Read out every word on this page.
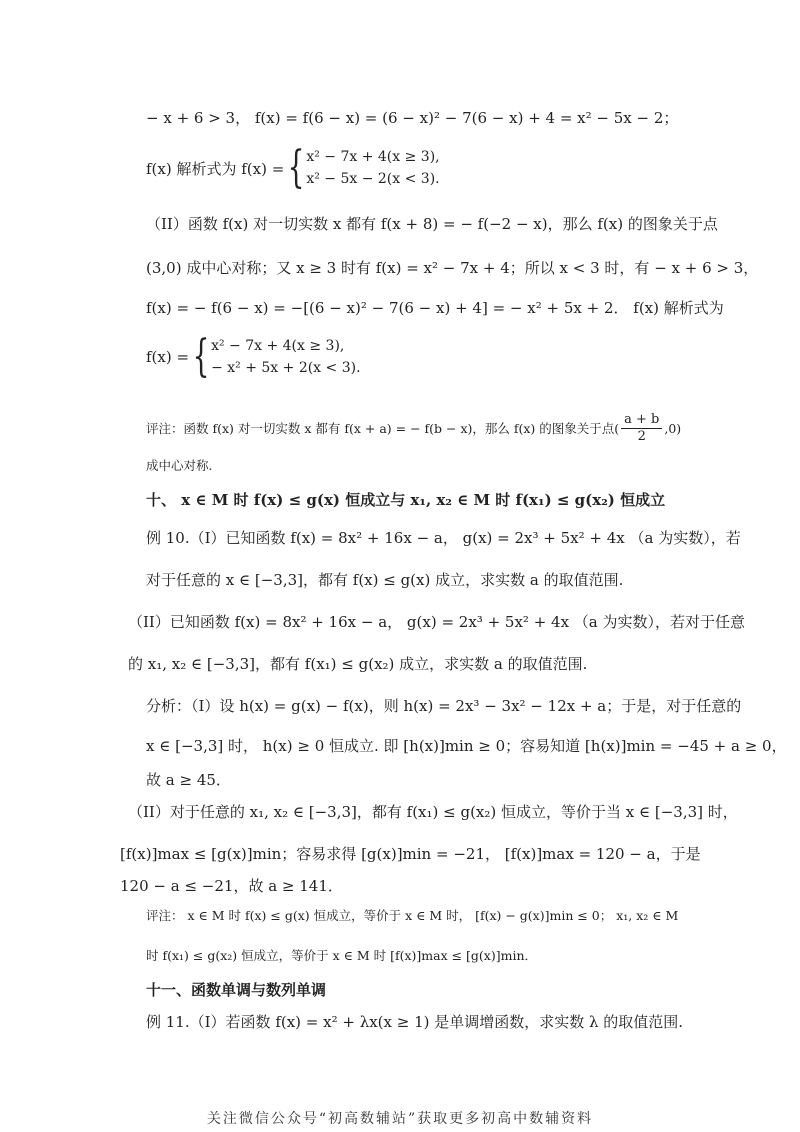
− x + 6 > 3， f(x) = f(6 − x) = (6 − x)² − 7(6 − x) + 4 = x² − 5x − 2；
f(x) 解析式为 f(x) = { x² − 7x + 4(x ≥ 3),
x² − 5x − 2(x < 3).
（II）函数 f(x) 对一切实数 x 都有 f(x + 8) = − f(−2 − x)，那么 f(x) 的图象关于点
(3,0) 成中心对称；又 x ≥ 3 时有 f(x) = x² − 7x + 4；所以 x < 3 时，有 − x + 6 > 3，
f(x) = − f(6 − x) = −[(6 − x)² − 7(6 − x) + 4] = − x² + 5x + 2． f(x) 解析式为
f(x) = { x² − 7x + 4(x ≥ 3),
− x² + 5x + 2(x < 3).
评注：函数 f(x) 对一切实数 x 都有 f(x + a) = − f(b − x)，那么 f(x) 的图象关于点( $\frac{a + b}{2} ,0$)
成中心对称.
十、 x ∈ M 时 f(x) ≤ g(x) 恒成立与 x₁, x₂ ∈ M 时 f(x₁) ≤ g(x₂) 恒成立
例 10.（I）已知函数 f(x) = 8x² + 16x − a， g(x) = 2x³ + 5x² + 4x （a 为实数），若
对于任意的 x ∈ [−3,3]，都有 f(x) ≤ g(x) 成立，求实数 a 的取值范围.
（II）已知函数 f(x) = 8x² + 16x − a， g(x) = 2x³ + 5x² + 4x （a 为实数），若对于任意
的 x₁, x₂ ∈ [−3,3]，都有 f(x₁) ≤ g(x₂) 成立，求实数 a 的取值范围.
分析：（I）设 h(x) = g(x) − f(x)，则 h(x) = 2x³ − 3x² − 12x + a；于是，对于任意的
x ∈ [−3,3] 时， h(x) ≥ 0 恒成立. 即 [h(x)]min ≥ 0；容易知道 [h(x)]min = −45 + a ≥ 0，
故 a ≥ 45．
（II）对于任意的 x₁, x₂ ∈ [−3,3]，都有 f(x₁) ≤ g(x₂) 恒成立，等价于当 x ∈ [−3,3] 时，
[f(x)]max ≤ [g(x)]min；容易求得 [g(x)]min = −21， [f(x)]max = 120 − a，于是
120 − a ≤ −21，故 a ≥ 141．
评注： x ∈ M 时 f(x) ≤ g(x) 恒成立，等价于 x ∈ M 时， [f(x) − g(x)]min ≤ 0； x₁, x₂ ∈ M
时 f(x₁) ≤ g(x₂) 恒成立，等价于 x ∈ M 时 [f(x)]max ≤ [g(x)]min．
十一、函数单调与数列单调
例 11.（I）若函数 f(x) = x² + λx(x ≥ 1) 是单调增函数，求实数 λ 的取值范围.
关注微信公众号“初高数辅站”获取更多初高中数辅资料
